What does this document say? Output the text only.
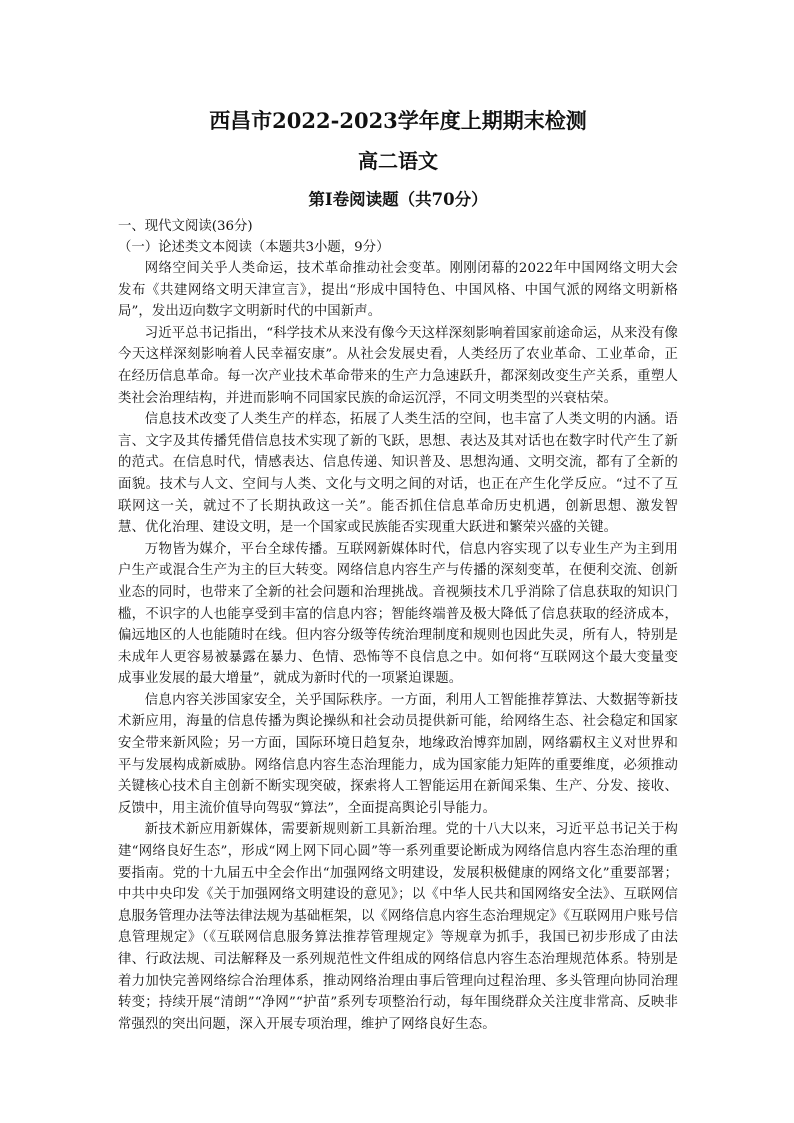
西昌市2022-2023学年度上期期末检测
高二语文
第Ⅰ卷阅读题（共70分）
一、现代文阅读(36分)
（一）论述类文本阅读（本题共3小题，9分）

网络空间关乎人类命运，技术革命推动社会变革。刚刚闭幕的2022年中国网络文明大会发布《共建网络文明天津宣言》，提出“形成中国特色、中国风格、中国气派的网络文明新格局”，发出迈向数字文明新时代的中国新声。

习近平总书记指出，“科学技术从来没有像今天这样深刻影响着国家前途命运，从来没有像今天这样深刻影响着人民幸福安康”。从社会发展史看，人类经历了农业革命、工业革命，正在经历信息革命。每一次产业技术革命带来的生产力急速跃升，都深刻改变生产关系，重塑人类社会治理结构，并进而影响不同国家民族的命运沉浮，不同文明类型的兴衰枯荣。

信息技术改变了人类生产的样态，拓展了人类生活的空间，也丰富了人类文明的内涵。语言、文字及其传播凭借信息技术实现了新的飞跃，思想、表达及其对话也在数字时代产生了新的范式。在信息时代，情感表达、信息传递、知识普及、思想沟通、文明交流，都有了全新的面貌。技术与人文、空间与人类、文化与文明之间的对话，也正在产生化学反应。“过不了互联网这一关，就过不了长期执政这一关”。能否抓住信息革命历史机遇，创新思想、激发智慧、优化治理、建设文明，是一个国家或民族能否实现重大跃进和繁荣兴盛的关键。

万物皆为媒介，平台全球传播。互联网新媒体时代，信息内容实现了以专业生产为主到用户生产或混合生产为主的巨大转变。网络信息内容生产与传播的深刻变革，在便利交流、创新业态的同时，也带来了全新的社会问题和治理挑战。音视频技术几乎消除了信息获取的知识门槛，不识字的人也能享受到丰富的信息内容；智能终端普及极大降低了信息获取的经济成本，偏远地区的人也能随时在线。但内容分级等传统治理制度和规则也因此失灵，所有人，特别是未成年人更容易被暴露在暴力、色情、恐怖等不良信息之中。如何将“互联网这个最大变量变成事业发展的最大增量”，就成为新时代的一项紧迫课题。

信息内容关涉国家安全，关乎国际秩序。一方面，利用人工智能推荐算法、大数据等新技术新应用，海量的信息传播为舆论操纵和社会动员提供新可能，给网络生态、社会稳定和国家安全带来新风险；另一方面，国际环境日趋复杂，地缘政治博弈加剧，网络霸权主义对世界和平与发展构成新威胁。网络信息内容生态治理能力，成为国家能力矩阵的重要维度，必须推动关键核心技术自主创新不断实现突破，探索将人工智能运用在新闻采集、生产、分发、接收、反馈中，用主流价值导向驾驭“算法”，全面提高舆论引导能力。

新技术新应用新媒体，需要新规则新工具新治理。党的十八大以来，习近平总书记关于构建“网络良好生态”，形成“网上网下同心圆”等一系列重要论断成为网络信息内容生态治理的重要指南。党的十九届五中全会作出“加强网络文明建设，发展积极健康的网络文化”重要部署；中共中央印发《关于加强网络文明建设的意见》；以《中华人民共和国网络安全法》、互联网信息服务管理办法等法律法规为基础框架，以《网络信息内容生态治理规定》《互联网用户账号信息管理规定》（《互联网信息服务算法推荐管理规定》等规章为抓手，我国已初步形成了由法律、行政法规、司法解释及一系列规范性文件组成的网络信息内容生态治理规范体系。特别是着力加快完善网络综合治理体系，推动网络治理由事后管理向过程治理、多头管理向协同治理转变；持续开展“清朗”“净网”“护苗”系列专项整治行动，每年围绕群众关注度非常高、反映非常强烈的突出问题，深入开展专项治理，维护了网络良好生态。
